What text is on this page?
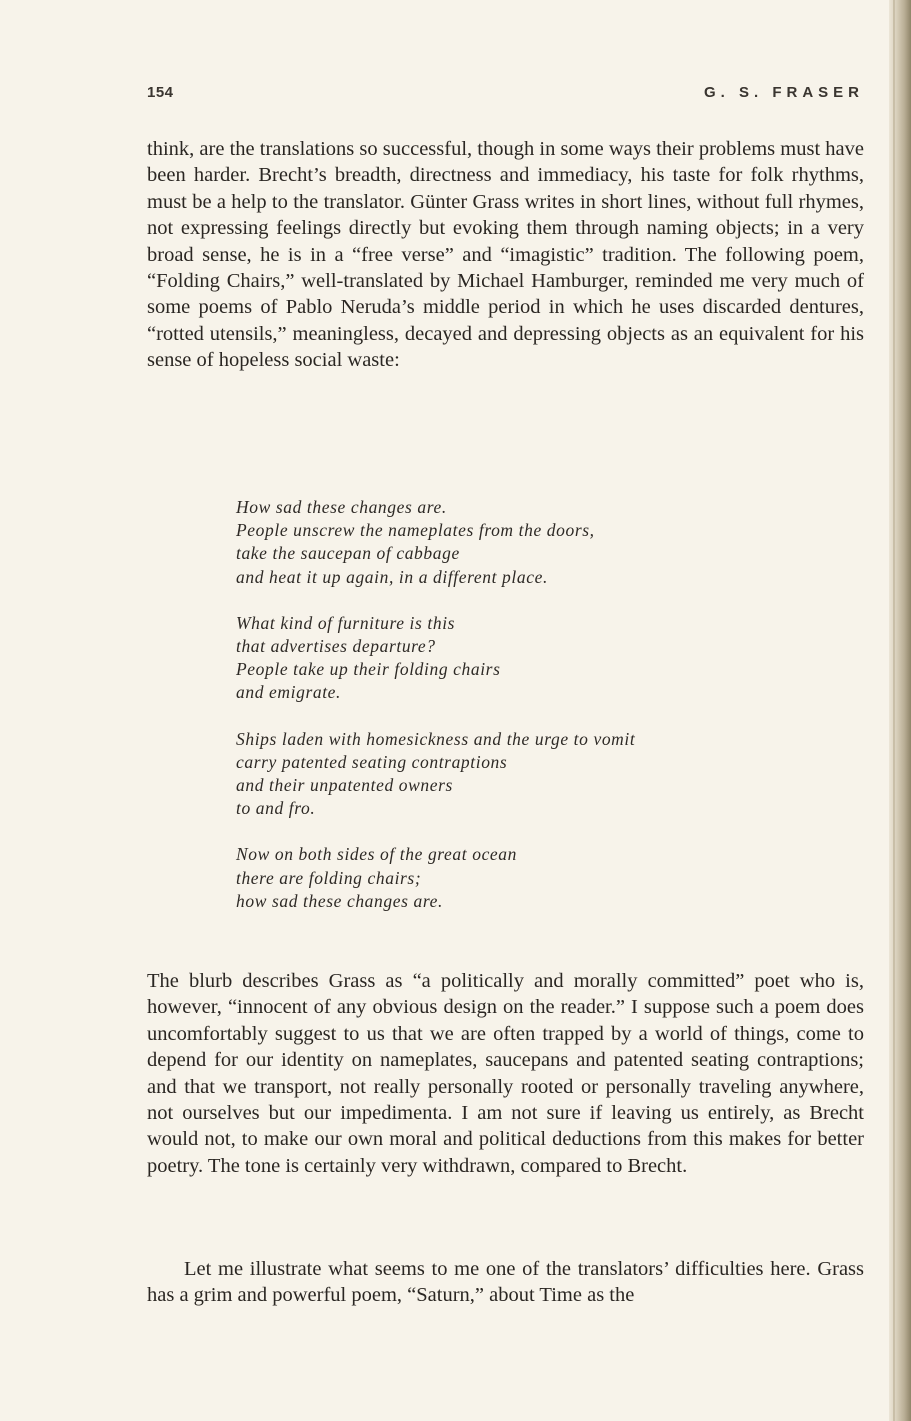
154	G. S. FRASER

think, are the translations so successful, though in some ways their problems must have been harder. Brecht’s breadth, directness and immediacy, his taste for folk rhythms, must be a help to the translator. Günter Grass writes in short lines, without full rhymes, not expressing feelings directly but evoking them through naming objects; in a very broad sense, he is in a “free verse” and “imagistic” tradition. The following poem, “Folding Chairs,” well-translated by Michael Hamburger, reminded me very much of some poems of Pablo Neruda’s middle period in which he uses discarded dentures, “rotted utensils,” meaningless, decayed and depressing objects as an equivalent for his sense of hopeless social waste:

How sad these changes are.
People unscrew the nameplates from the doors,
take the saucepan of cabbage
and heat it up again, in a different place.
What kind of furniture is this
that advertises departure?
People take up their folding chairs
and emigrate.
Ships laden with homesickness and the urge to vomit
carry patented seating contraptions
and their unpatented owners
to and fro.
Now on both sides of the great ocean
there are folding chairs;
how sad these changes are.

The blurb describes Grass as “a politically and morally committed” poet who is, however, “innocent of any obvious design on the reader.” I suppose such a poem does uncomfortably suggest to us that we are often trapped by a world of things, come to depend for our identity on nameplates, saucepans and patented seating contraptions; and that we transport, not really personally rooted or personally traveling anywhere, not ourselves but our impedimenta. I am not sure if leaving us entirely, as Brecht would not, to make our own moral and political deductions from this makes for better poetry. The tone is certainly very withdrawn, compared to Brecht.

Let me illustrate what seems to me one of the translators’ difficulties here. Grass has a grim and powerful poem, “Saturn,” about Time as the
